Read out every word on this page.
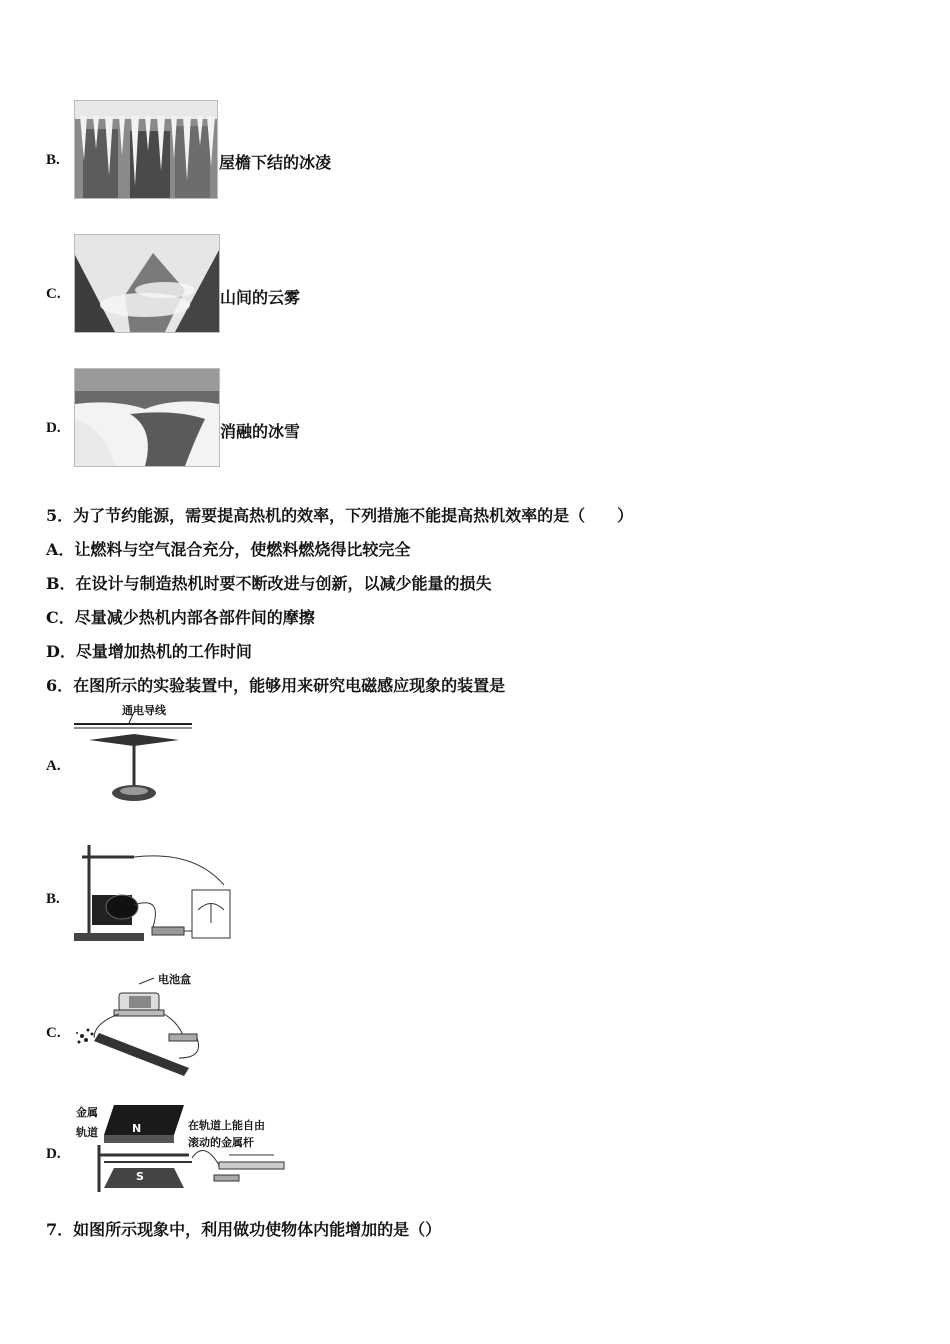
B.	屋檐下结的冰凌
C.	山间的云雾
D.	消融的冰雪
5．为了节约能源，需要提高热机的效率，下列措施不能提高热机效率的是（　　）
A．让燃料与空气混合充分，使燃料燃烧得比较完全
B．在设计与制造热机时要不断改进与创新，以减少能量的损失
C．尽量减少热机内部各部件间的摩擦
D．尽量增加热机的工作时间
6．在图所示的实验装置中，能够用来研究电磁感应现象的装置是
A.
通电导线
B.
C.
电池盒
D.
金属
轨道	N
S
在轨道上能自由
滚动的金属杆
7．如图所示现象中，利用做功使物体内能增加的是（）
